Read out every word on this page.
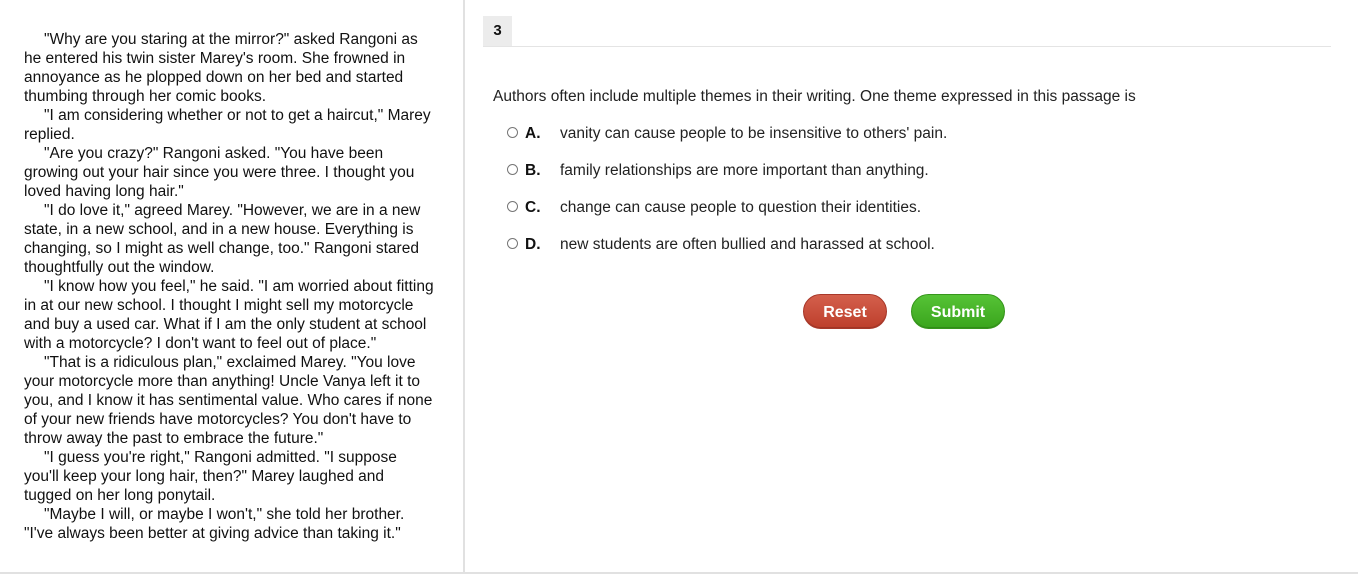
"Why are you staring at the mirror?" asked Rangoni as he entered his twin sister Marey's room. She frowned in annoyance as he plopped down on her bed and started thumbing through her comic books.

"I am considering whether or not to get a haircut," Marey replied.

"Are you crazy?" Rangoni asked. "You have been growing out your hair since you were three. I thought you loved having long hair."

"I do love it," agreed Marey. "However, we are in a new state, in a new school, and in a new house. Everything is changing, so I might as well change, too." Rangoni stared thoughtfully out the window.

"I know how you feel," he said. "I am worried about fitting in at our new school. I thought I might sell my motorcycle and buy a used car. What if I am the only student at school with a motorcycle? I don't want to feel out of place."

"That is a ridiculous plan," exclaimed Marey. "You love your motorcycle more than anything! Uncle Vanya left it to you, and I know it has sentimental value. Who cares if none of your new friends have motorcycles? You don't have to throw away the past to embrace the future."

"I guess you're right," Rangoni admitted. "I suppose you'll keep your long hair, then?" Marey laughed and tugged on her long ponytail.

"Maybe I will, or maybe I won't," she told her brother. "I've always been better at giving advice than taking it."

3
Authors often include multiple themes in their writing. One theme expressed in this passage is
A. vanity can cause people to be insensitive to others' pain.
B. family relationships are more important than anything.
C. change can cause people to question their identities.
D. new students are often bullied and harassed at school.
Reset	Submit
